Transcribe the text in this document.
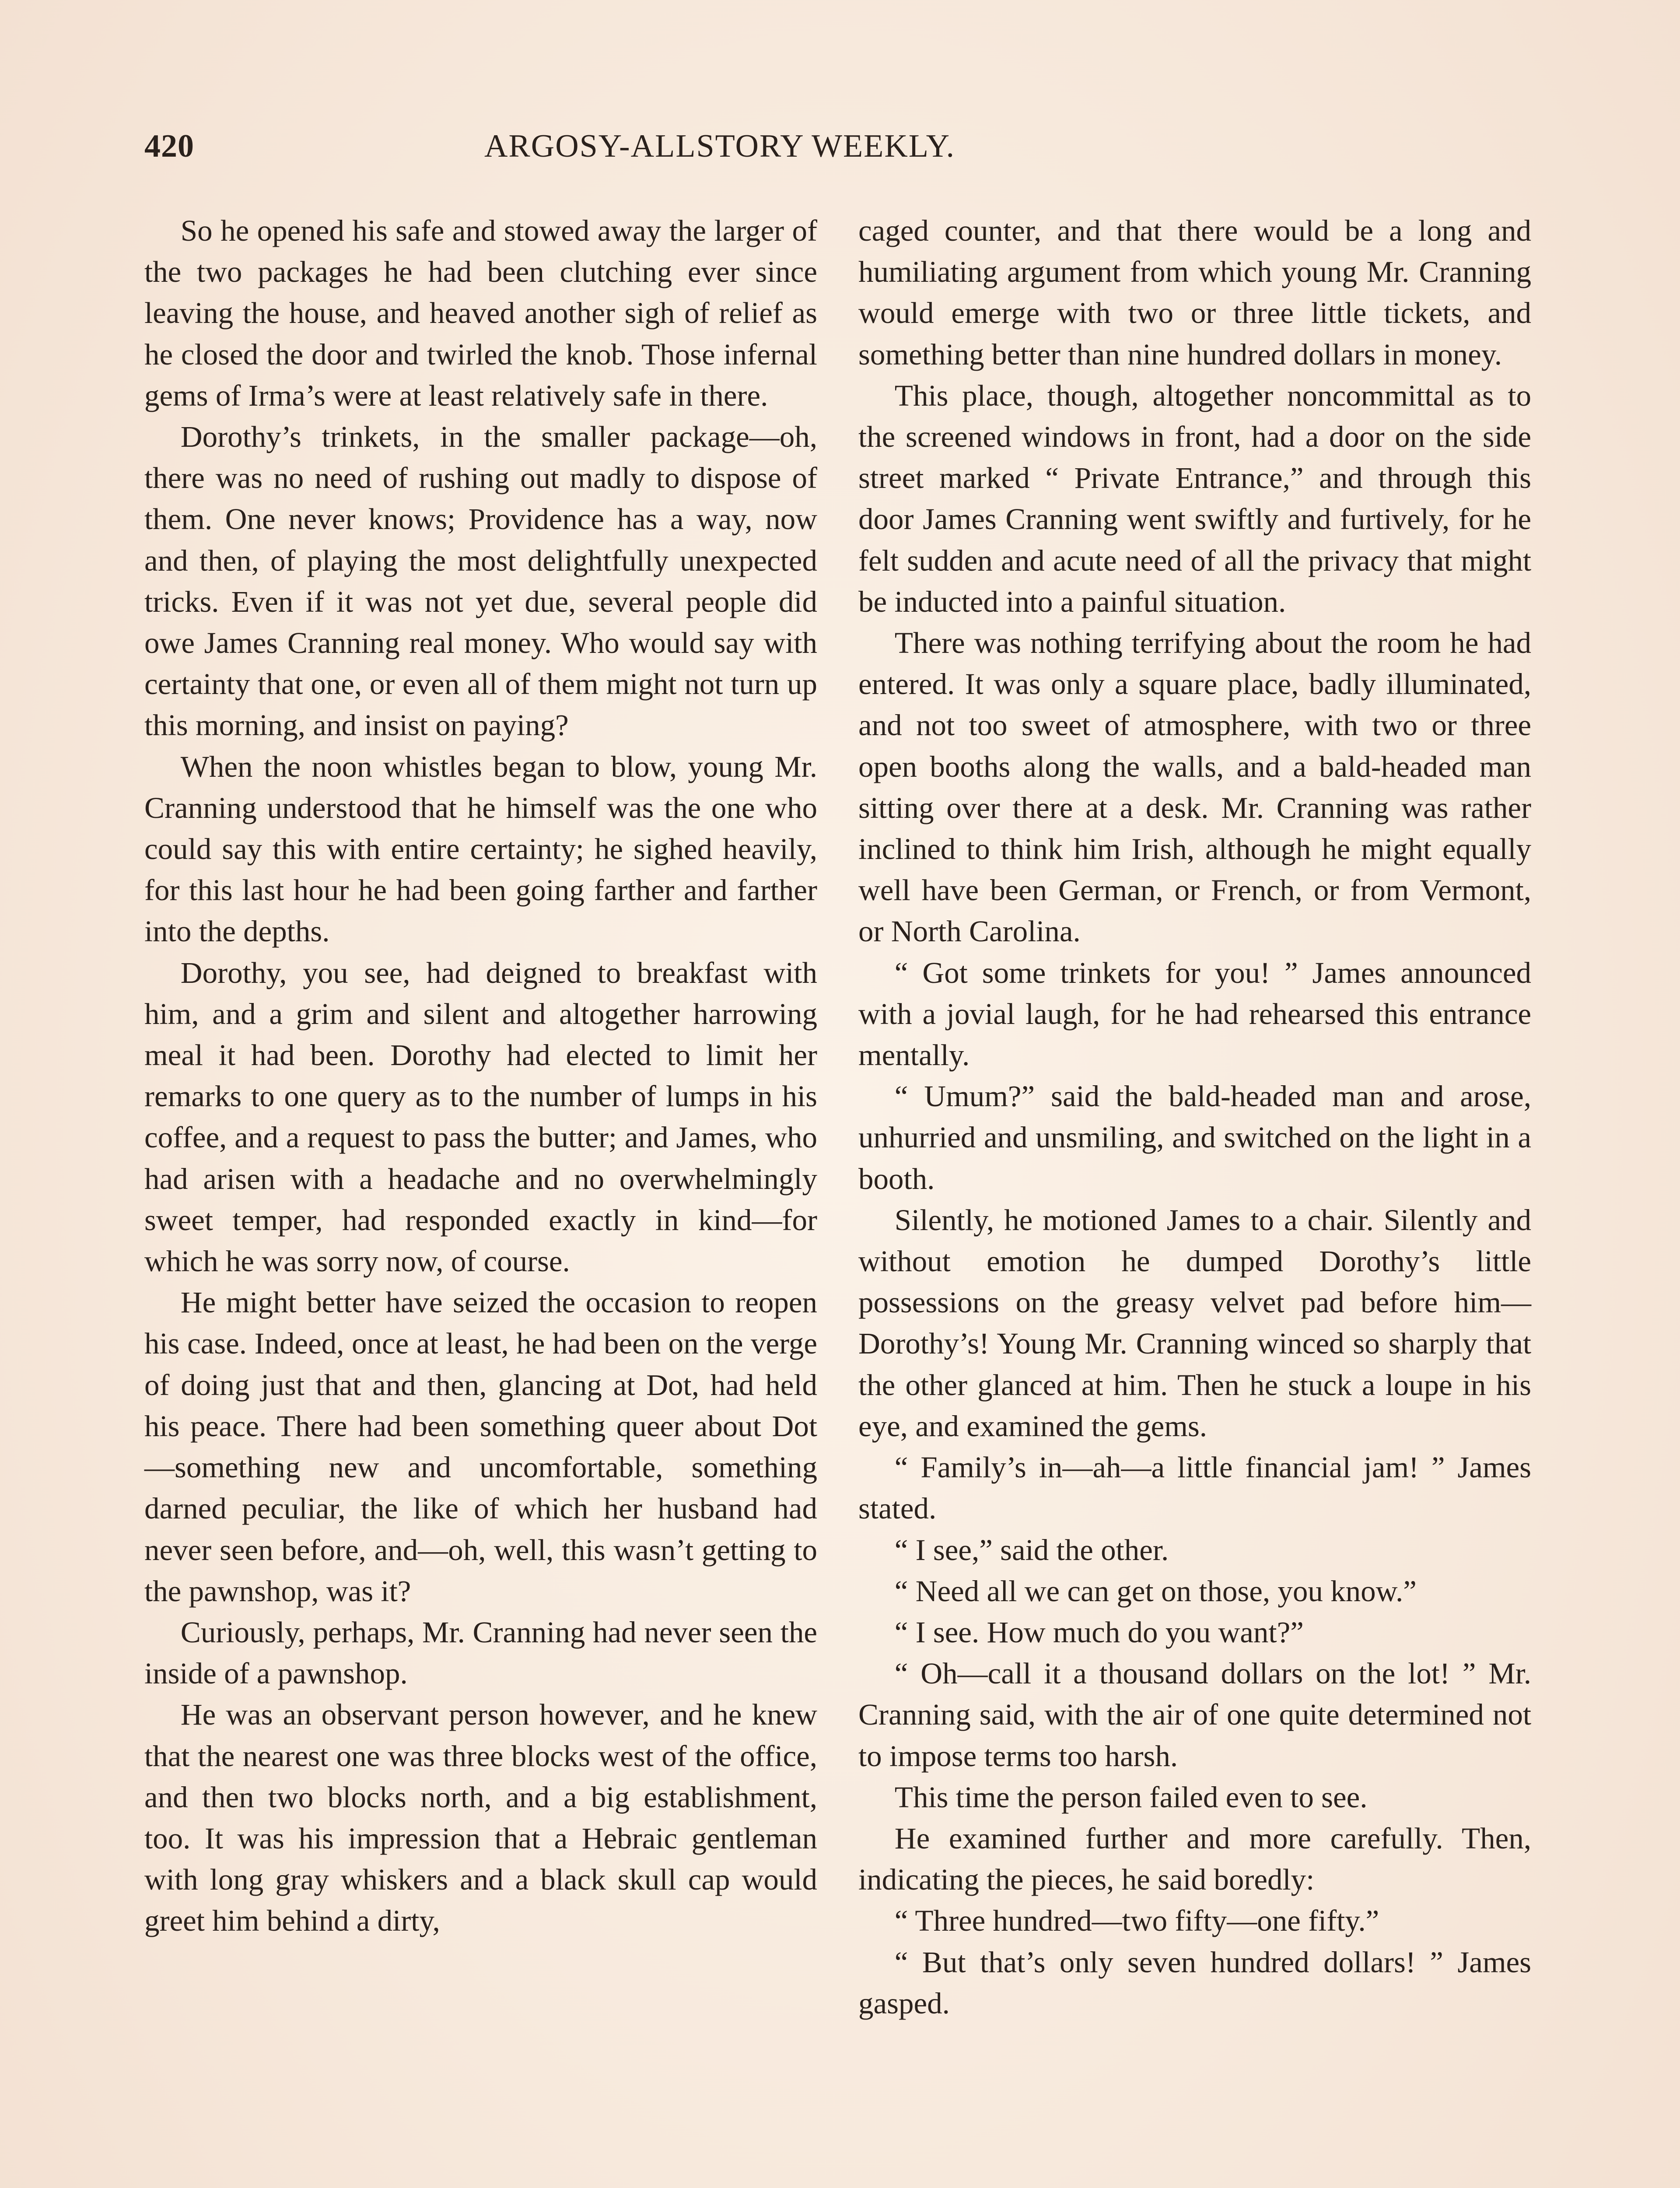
420	ARGOSY-ALLSTORY WEEKLY.

So he opened his safe and stowed away the larger of the two packages he had been clutching ever since leaving the house, and heaved another sigh of relief as he closed the door and twirled the knob. Those infernal gems of Irma’s were at least relatively safe in there.

Dorothy’s trinkets, in the smaller package—oh, there was no need of rushing out madly to dispose of them. One never knows; Providence has a way, now and then, of playing the most delightfully unexpected tricks. Even if it was not yet due, several people did owe James Cranning real money. Who would say with certainty that one, or even all of them might not turn up this morning, and insist on paying?

When the noon whistles began to blow, young Mr. Cranning understood that he himself was the one who could say this with entire certainty; he sighed heavily, for this last hour he had been going farther and farther into the depths.

Dorothy, you see, had deigned to breakfast with him, and a grim and silent and altogether harrowing meal it had been. Dorothy had elected to limit her remarks to one query as to the number of lumps in his coffee, and a request to pass the butter; and James, who had arisen with a headache and no overwhelmingly sweet temper, had responded exactly in kind—for which he was sorry now, of course.

He might better have seized the occasion to reopen his case. Indeed, once at least, he had been on the verge of doing just that and then, glancing at Dot, had held his peace. There had been something queer about Dot—something new and uncomfortable, something darned peculiar, the like of which her husband had never seen before, and—oh, well, this wasn’t getting to the pawnshop, was it?

Curiously, perhaps, Mr. Cranning had never seen the inside of a pawnshop.

He was an observant person however, and he knew that the nearest one was three blocks west of the office, and then two blocks north, and a big establishment, too. It was his impression that a Hebraic gentleman with long gray whiskers and a black skull cap would greet him behind a dirty,

caged counter, and that there would be a long and humiliating argument from which young Mr. Cranning would emerge with two or three little tickets, and something better than nine hundred dollars in money.

This place, though, altogether noncommittal as to the screened windows in front, had a door on the side street marked “ Private Entrance,” and through this door James Cranning went swiftly and furtively, for he felt sudden and acute need of all the privacy that might be inducted into a painful situation.

There was nothing terrifying about the room he had entered. It was only a square place, badly illuminated, and not too sweet of atmosphere, with two or three open booths along the walls, and a bald-headed man sitting over there at a desk. Mr. Cranning was rather inclined to think him Irish, although he might equally well have been German, or French, or from Vermont, or North Carolina.

“ Got some trinkets for you! ” James announced with a jovial laugh, for he had rehearsed this entrance mentally.

“ Umum?” said the bald-headed man and arose, unhurried and unsmiling, and switched on the light in a booth.

Silently, he motioned James to a chair. Silently and without emotion he dumped Dorothy’s little possessions on the greasy velvet pad before him—Dorothy’s! Young Mr. Cranning winced so sharply that the other glanced at him. Then he stuck a loupe in his eye, and examined the gems.

“ Family’s in—ah—a little financial jam! ” James stated.

“ I see,” said the other.

“ Need all we can get on those, you know.”

“ I see. How much do you want?”

“ Oh—call it a thousand dollars on the lot! ” Mr. Cranning said, with the air of one quite determined not to impose terms too harsh.

This time the person failed even to see.

He examined further and more carefully. Then, indicating the pieces, he said boredly:

“ Three hundred—two fifty—one fifty.”

“ But that’s only seven hundred dollars! ” James gasped.
